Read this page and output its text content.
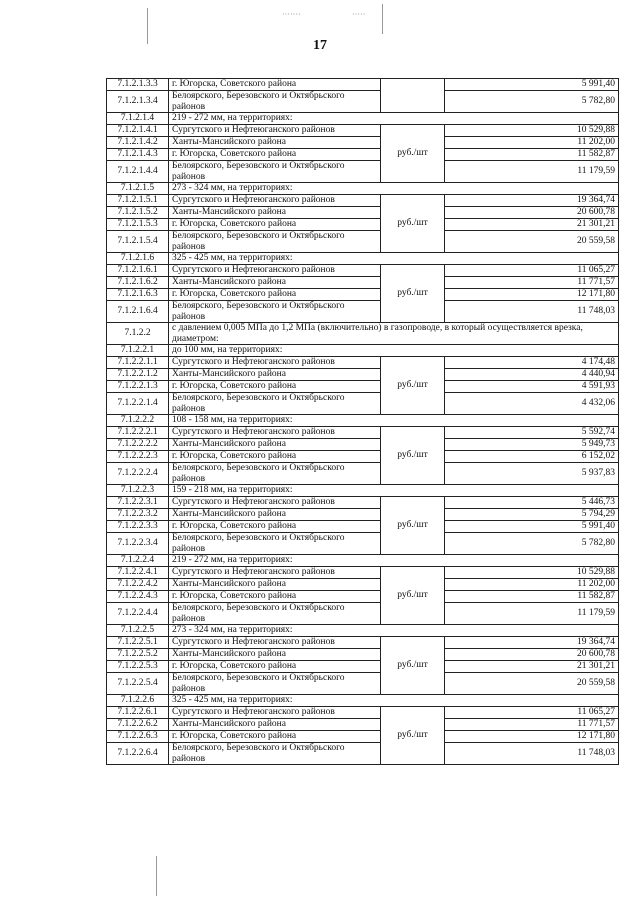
·······	·····
17
7.1.2.1.3.3	г. Югорска, Советского района		5 991,40
7.1.2.1.3.4	Белоярского, Березовского и Октябрьского районов		5 782,80
7.1.2.1.4	219 - 272 мм, на территориях:		
7.1.2.1.4.1	Сургутского и Нефтеюганского районов	руб./шт	10 529,88
7.1.2.1.4.2	Ханты-Мансийского района		11 202,00
7.1.2.1.4.3	г. Югорска, Советского района		11 582,87
7.1.2.1.4.4	Белоярского, Березовского и Октябрьского районов		11 179,59
7.1.2.1.5	273 - 324 мм, на территориях:		
7.1.2.1.5.1	Сургутского и Нефтеюганского районов	руб./шт	19 364,74
7.1.2.1.5.2	Ханты-Мансийского района		20 600,78
7.1.2.1.5.3	г. Югорска, Советского района		21 301,21
7.1.2.1.5.4	Белоярского, Березовского и Октябрьского районов		20 559,58
7.1.2.1.6	325 - 425 мм, на территориях:		
7.1.2.1.6.1	Сургутского и Нефтеюганского районов	руб./шт	11 065,27
7.1.2.1.6.2	Ханты-Мансийского района		11 771,57
7.1.2.1.6.3	г. Югорска, Советского района		12 171,80
7.1.2.1.6.4	Белоярского, Березовского и Октябрьского районов		11 748,03
7.1.2.2	с давлением 0,005 МПа до 1,2 МПа (включительно) в газопроводе, в который осуществляется врезка, диаметром:		
7.1.2.2.1	до 100 мм, на территориях:		
7.1.2.2.1.1	Сургутского и Нефтеюганского районов	руб./шт	4 174,48
7.1.2.2.1.2	Ханты-Мансийского района		4 440,94
7.1.2.2.1.3	г. Югорска, Советского района		4 591,93
7.1.2.2.1.4	Белоярского, Березовского и Октябрьского районов		4 432,06
7.1.2.2.2	108 - 158 мм, на территориях:		
7.1.2.2.2.1	Сургутского и Нефтеюганского районов	руб./шт	5 592,74
7.1.2.2.2.2	Ханты-Мансийского района		5 949,73
7.1.2.2.2.3	г. Югорска, Советского района		6 152,02
7.1.2.2.2.4	Белоярского, Березовского и Октябрьского районов		5 937,83
7.1.2.2.3	159 - 218 мм, на территориях:		
7.1.2.2.3.1	Сургутского и Нефтеюганского районов	руб./шт	5 446,73
7.1.2.2.3.2	Ханты-Мансийского района		5 794,29
7.1.2.2.3.3	г. Югорска, Советского района		5 991,40
7.1.2.2.3.4	Белоярского, Березовского и Октябрьского районов		5 782,80
7.1.2.2.4	219 - 272 мм, на территориях:		
7.1.2.2.4.1	Сургутского и Нефтеюганского районов	руб./шт	10 529,88
7.1.2.2.4.2	Ханты-Мансийского района		11 202,00
7.1.2.2.4.3	г. Югорска, Советского района		11 582,87
7.1.2.2.4.4	Белоярского, Березовского и Октябрьского районов		11 179,59
7.1.2.2.5	273 - 324 мм, на территориях:		
7.1.2.2.5.1	Сургутского и Нефтеюганского районов	руб./шт	19 364,74
7.1.2.2.5.2	Ханты-Мансийского района		20 600,78
7.1.2.2.5.3	г. Югорска, Советского района		21 301,21
7.1.2.2.5.4	Белоярского, Березовского и Октябрьского районов		20 559,58
7.1.2.2.6	325 - 425 мм, на территориях:		
7.1.2.2.6.1	Сургутского и Нефтеюганского районов	руб./шт	11 065,27
7.1.2.2.6.2	Ханты-Мансийского района		11 771,57
7.1.2.2.6.3	г. Югорска, Советского района		12 171,80
7.1.2.2.6.4	Белоярского, Березовского и Октябрьского районов		11 748,03
